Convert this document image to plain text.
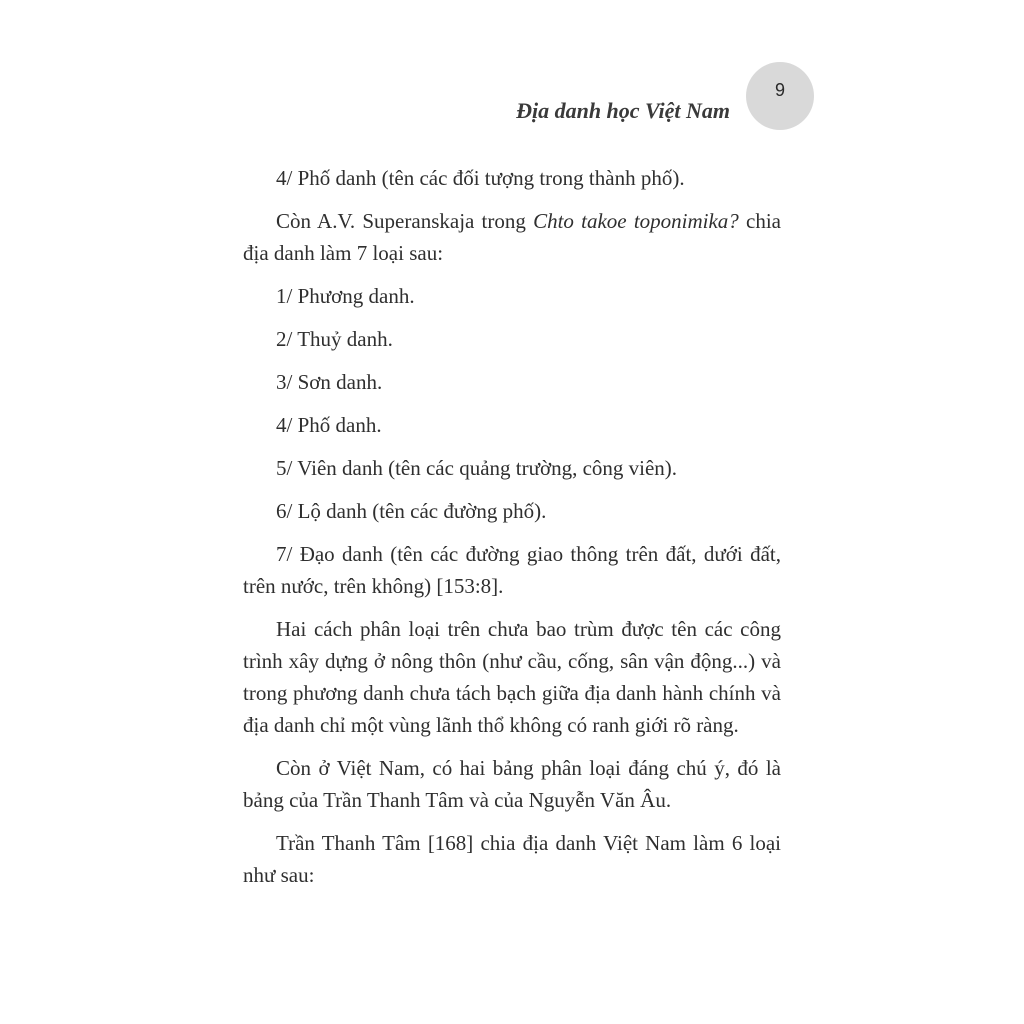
Địa danh học Việt Nam
9

4/ Phố danh (tên các đối tượng trong thành phố).

Còn A.V. Superanskaja trong Chto takoe toponimika? chia địa danh làm 7 loại sau:

1/ Phương danh.

2/ Thuỷ danh.

3/ Sơn danh.

4/ Phố danh.

5/ Viên danh (tên các quảng trường, công viên).

6/ Lộ danh (tên các đường phố).

7/ Đạo danh (tên các đường giao thông trên đất, dưới đất, trên nước, trên không) [153:8].

Hai cách phân loại trên chưa bao trùm được tên các công trình xây dựng ở nông thôn (như cầu, cống, sân vận động...) và trong phương danh chưa tách bạch giữa địa danh hành chính và địa danh chỉ một vùng lãnh thổ không có ranh giới rõ ràng.

Còn ở Việt Nam, có hai bảng phân loại đáng chú ý, đó là bảng của Trần Thanh Tâm và của Nguyễn Văn Âu.

Trần Thanh Tâm [168] chia địa danh Việt Nam làm 6 loại như sau:
